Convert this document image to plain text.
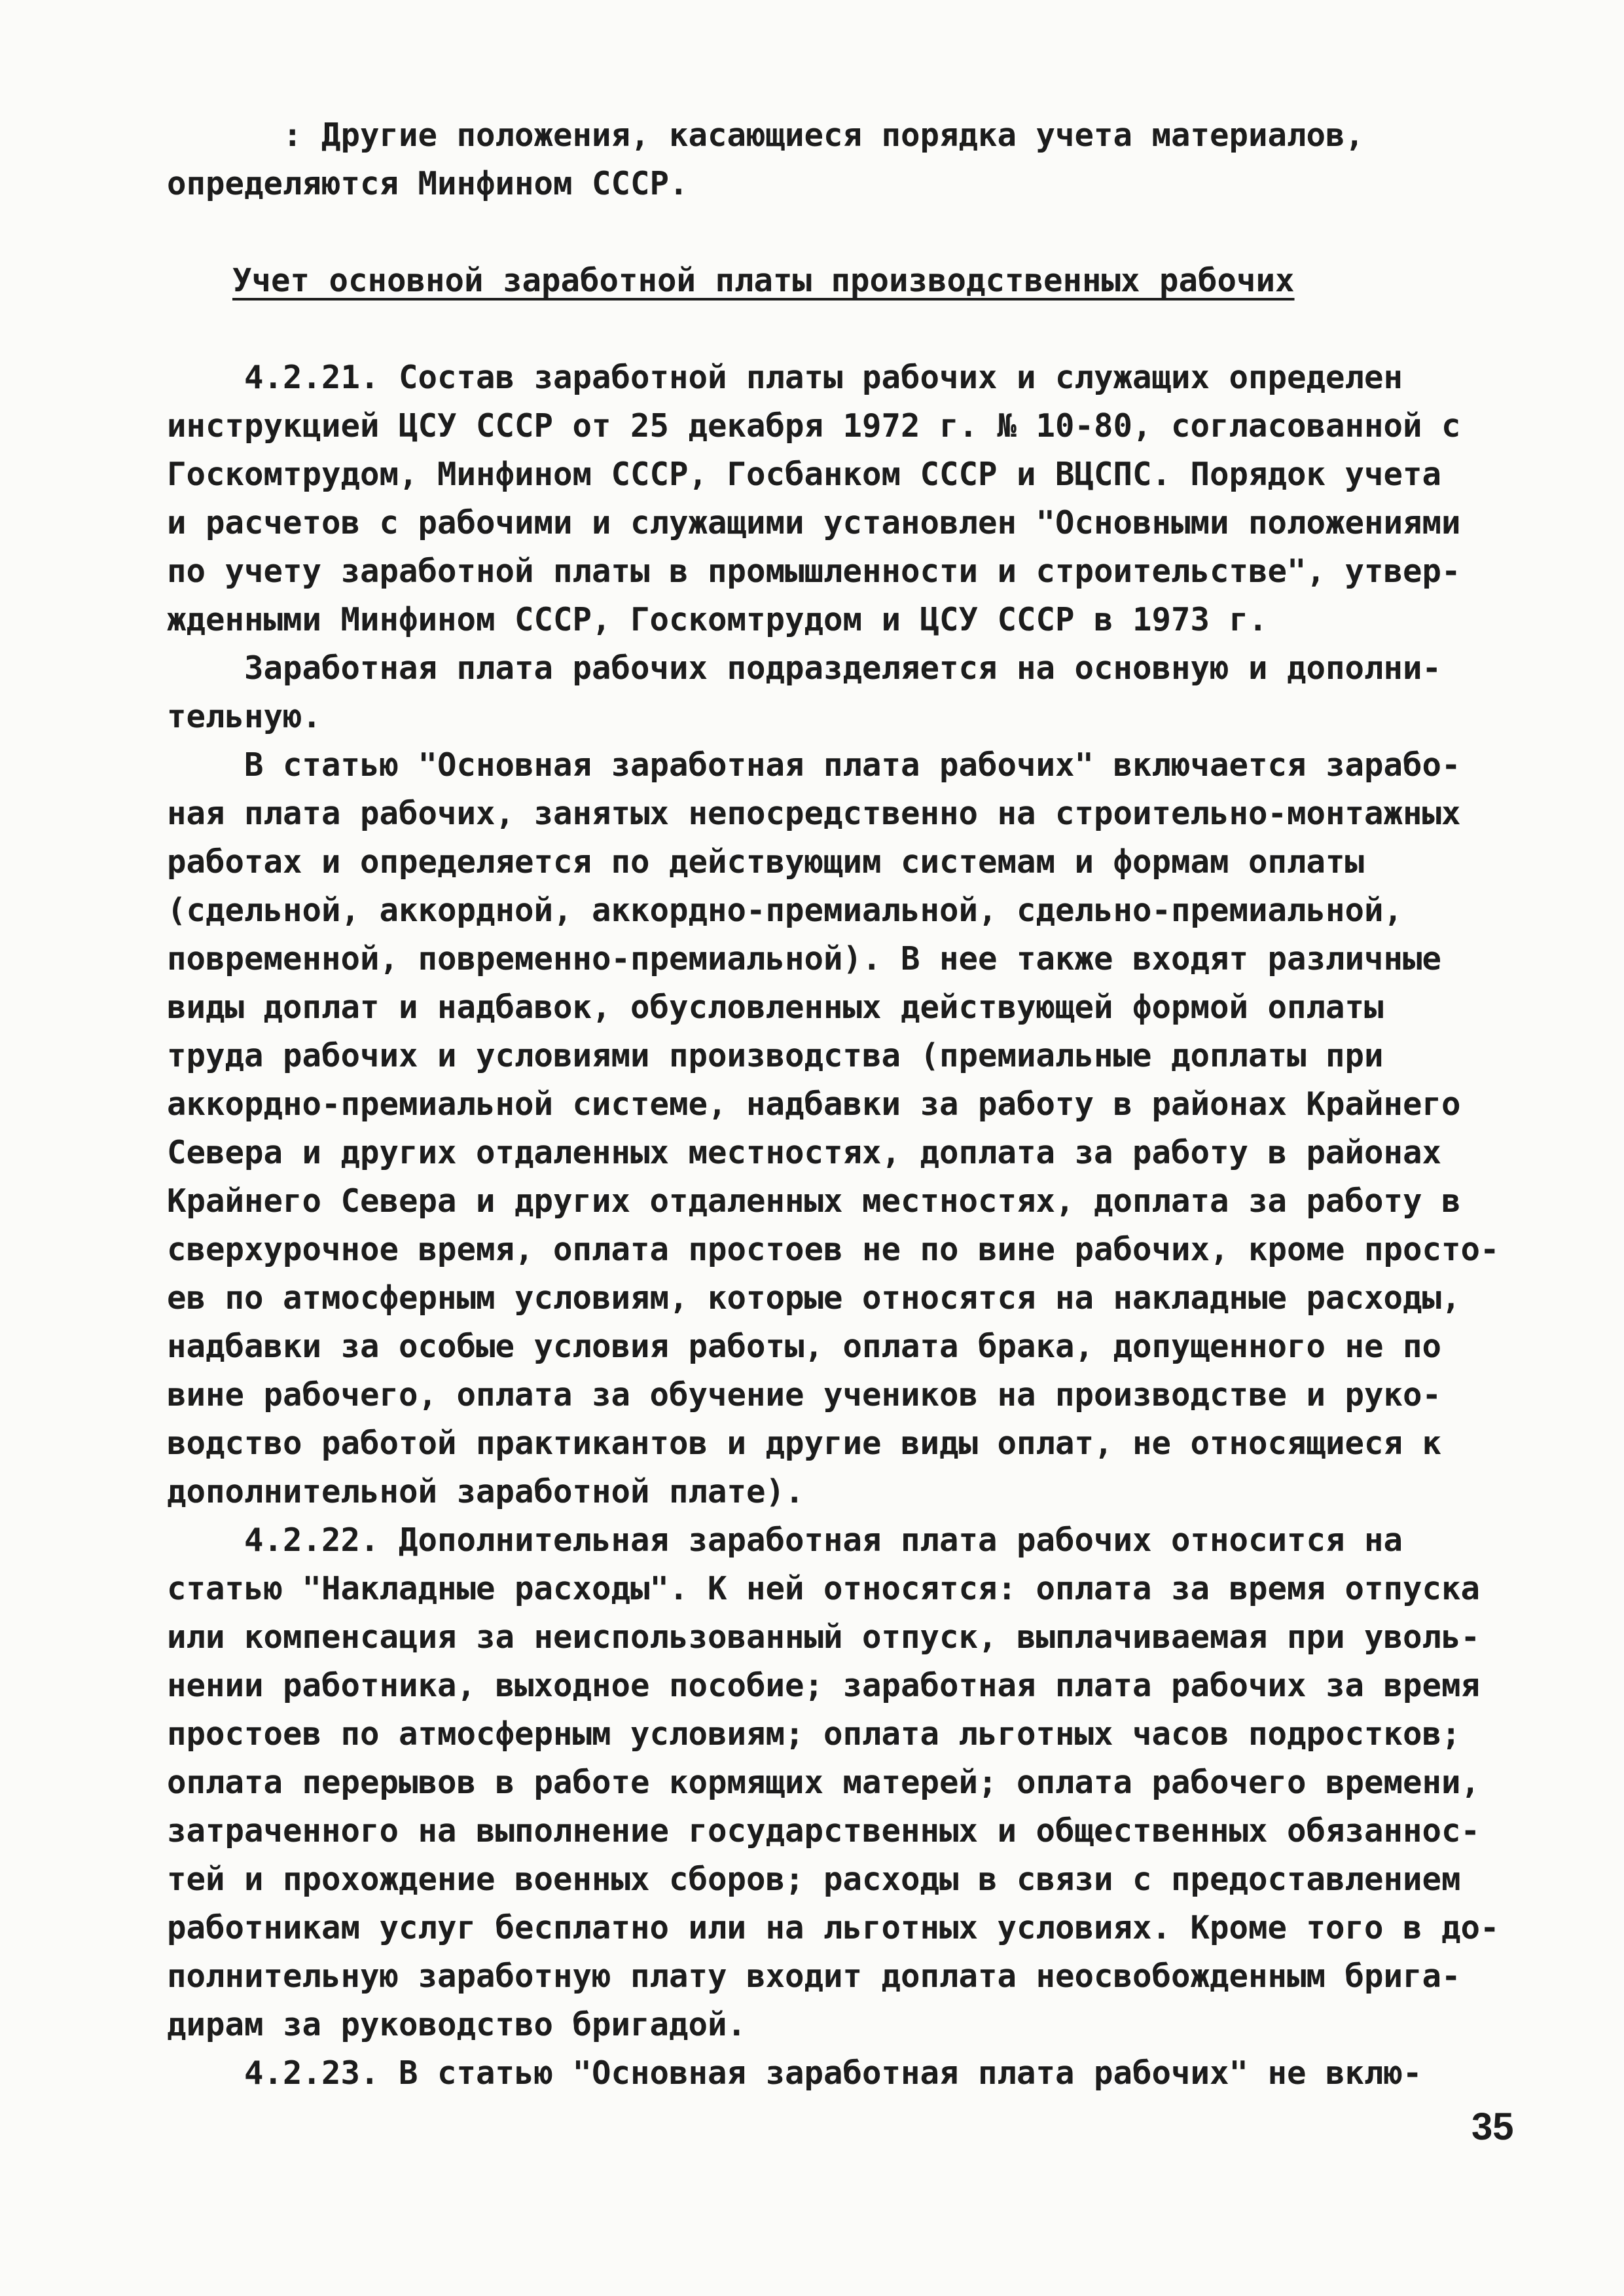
: Другие положения, касающиеся порядка учета материалов,
определяются Минфином СССР.
Учет основной заработной платы производственных рабочих
4.2.21. Состав заработной платы рабочих и служащих определен
инструкцией ЦСУ СССР от 25 декабря 1972 г. № 10-80, согласованной с
Госкомтрудом, Минфином СССР, Госбанком СССР и ВЦСПС. Порядок учета
и расчетов с рабочими и служащими установлен "Основными положениями
по учету заработной платы в промышленности и строительстве", утвер-
жденными Минфином СССР, Госкомтрудом и ЦСУ СССР в 1973 г.
Заработная плата рабочих подразделяется на основную и дополни-
тельную.
В статью "Основная заработная плата рабочих" включается зарабо-
ная плата рабочих, занятых непосредственно на строительно-монтажных
работах и определяется по действующим системам и формам оплаты
(сдельной, аккордной, аккордно-премиальной, сдельно-премиальной,
повременной, повременно-премиальной). В нее также входят различные
виды доплат и надбавок, обусловленных действующей формой оплаты
труда рабочих и условиями производства (премиальные доплаты при
аккордно-премиальной системе, надбавки за работу в районах Крайнего
Севера и других отдаленных местностях, доплата за работу в районах
Крайнего Севера и других отдаленных местностях, доплата за работу в
сверхурочное время, оплата простоев не по вине рабочих, кроме просто-
ев по атмосферным условиям, которые относятся на накладные расходы,
надбавки за особые условия работы, оплата брака, допущенного не по
вине рабочего, оплата за обучение учеников на производстве и руко-
водство работой практикантов и другие виды оплат, не относящиеся к
дополнительной заработной плате).
4.2.22. Дополнительная заработная плата рабочих относится на
статью "Накладные расходы". К ней относятся: оплата за время отпуска
или компенсация за неиспользованный отпуск, выплачиваемая при уволь-
нении работника, выходное пособие; заработная плата рабочих за время
простоев по атмосферным условиям; оплата льготных часов подростков;
оплата перерывов в работе кормящих матерей; оплата рабочего времени,
затраченного на выполнение государственных и общественных обязаннос-
тей и прохождение военных сборов; расходы в связи с предоставлением
работникам услуг бесплатно или на льготных условиях. Кроме того в до-
полнительную заработную плату входит доплата неосвобожденным брига-
дирам за руководство бригадой.
4.2.23. В статью "Основная заработная плата рабочих" не вклю-
35
